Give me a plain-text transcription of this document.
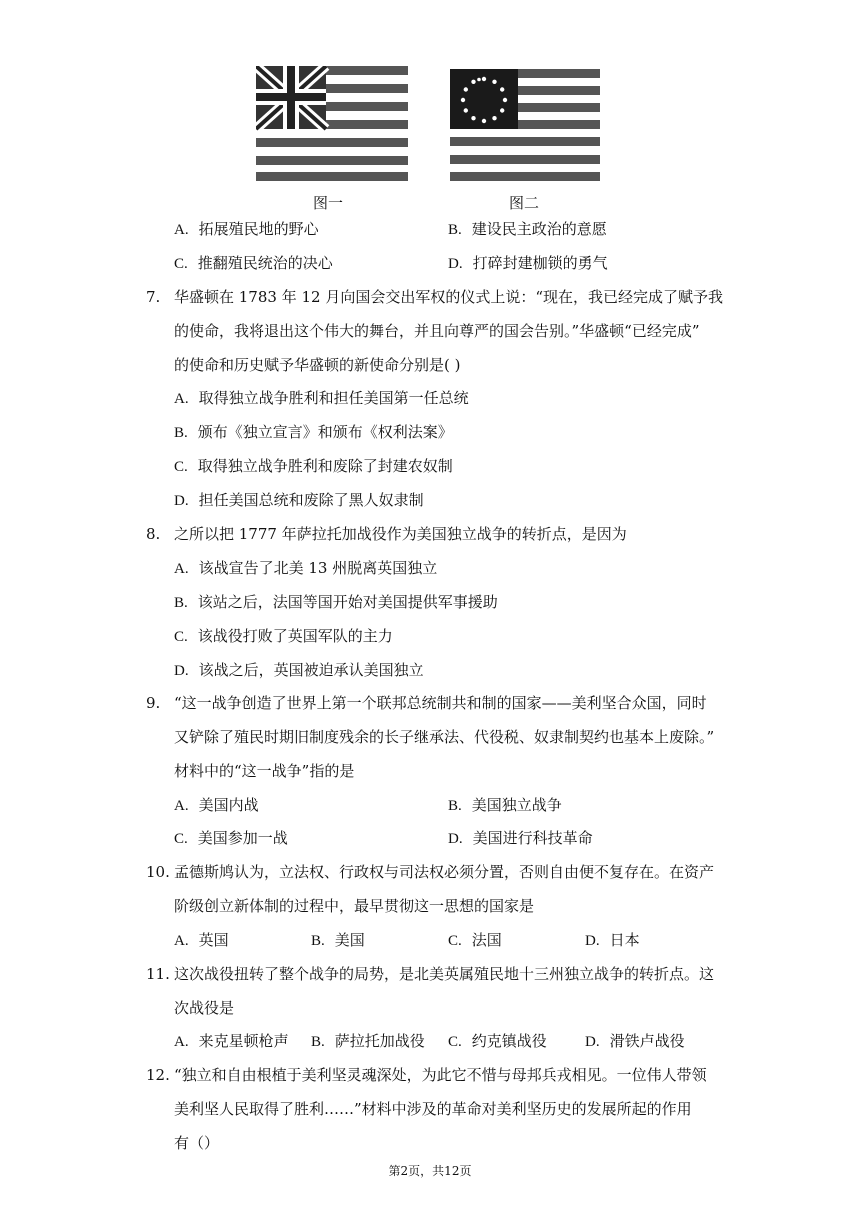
图一	图二
A. 拓展殖民地的野心	B. 建设民主政治的意愿
C. 推翻殖民统治的决心	D. 打碎封建枷锁的勇气
7. 华盛顿在 1783 年 12 月向国会交出军权的仪式上说：“现在，我已经完成了赋予我
的使命，我将退出这个伟大的舞台，并且向尊严的国会告别。”华盛顿“已经完成”
的使命和历史赋予华盛顿的新使命分别是( )
A. 取得独立战争胜利和担任美国第一任总统
B. 颁布《独立宣言》和颁布《权利法案》
C. 取得独立战争胜利和废除了封建农奴制
D. 担任美国总统和废除了黑人奴隶制
8. 之所以把 1777 年萨拉托加战役作为美国独立战争的转折点，是因为
A. 该战宣告了北美 13 州脱离英国独立
B. 该站之后，法国等国开始对美国提供军事援助
C. 该战役打败了英国军队的主力
D. 该战之后，英国被迫承认美国独立
9. “这一战争创造了世界上第一个联邦总统制共和制的国家——美利坚合众国，同时
又铲除了殖民时期旧制度残余的长子继承法、代役税、奴隶制契约也基本上废除。”
材料中的“这一战争”指的是
A. 美国内战	B. 美国独立战争
C. 美国参加一战	D. 美国进行科技革命
10. 孟德斯鸠认为，立法权、行政权与司法权必须分置，否则自由便不复存在。在资产
阶级创立新体制的过程中，最早贯彻这一思想的国家是
A. 英国	B. 美国	C. 法国	D. 日本
11. 这次战役扭转了整个战争的局势，是北美英属殖民地十三州独立战争的转折点。这
次战役是
A. 来克星顿枪声 B. 萨拉托加战役 C. 约克镇战役	D. 滑铁卢战役
12. “独立和自由根植于美利坚灵魂深处，为此它不惜与母邦兵戎相见。一位伟人带领
美利坚人民取得了胜利……”材料中涉及的革命对美利坚历史的发展所起的作用
有（）
第2页，共12页
